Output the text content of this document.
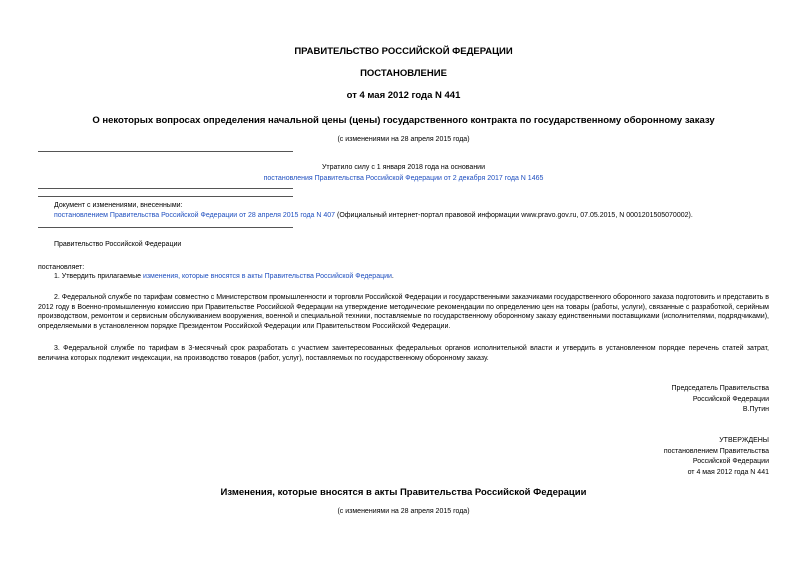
ПРАВИТЕЛЬСТВО РОССИЙСКОЙ ФЕДЕРАЦИИ
ПОСТАНОВЛЕНИЕ
от 4 мая 2012 года N 441
О некоторых вопросах определения начальной цены (цены) государственного контракта по государственному оборонному заказу
(с изменениями на 28 апреля 2015 года)
Утратило силу с 1 января 2018 года на основании
постановления Правительства Российской Федерации от 2 декабря 2017 года N 1465
Документ с изменениями, внесенными:
постановлением Правительства Российской Федерации от 28 апреля 2015 года N 407 (Официальный интернет-портал правовой информации www.pravo.gov.ru, 07.05.2015, N 0001201505070002).
Правительство Российской Федерации
постановляет:
1. Утвердить прилагаемые изменения, которые вносятся в акты Правительства Российской Федерации.
2. Федеральной службе по тарифам совместно с Министерством промышленности и торговли Российской Федерации и государственными заказчиками государственного оборонного заказа подготовить и представить в 2012 году в Военно-промышленную комиссию при Правительстве Российской Федерации на утверждение методические рекомендации по определению цен на товары (работы, услуги), связанные с разработкой, серийным производством, ремонтом и сервисным обслуживанием вооружения, военной и специальной техники, поставляемые по государственному оборонному заказу единственными поставщиками (исполнителями, подрядчиками), определяемыми в установленном порядке Президентом Российской Федерации или Правительством Российской Федерации.
3. Федеральной службе по тарифам в 3-месячный срок разработать с участием заинтересованных федеральных органов исполнительной власти и утвердить в установленном порядке перечень статей затрат, величина которых подлежит индексации, на производство товаров (работ, услуг), поставляемых по государственному оборонному заказу.
Председатель Правительства
Российской Федерации
В.Путин
УТВЕРЖДЕНЫ
постановлением Правительства
Российской Федерации
от 4 мая 2012 года N 441
Изменения, которые вносятся в акты Правительства Российской Федерации
(с изменениями на 28 апреля 2015 года)
